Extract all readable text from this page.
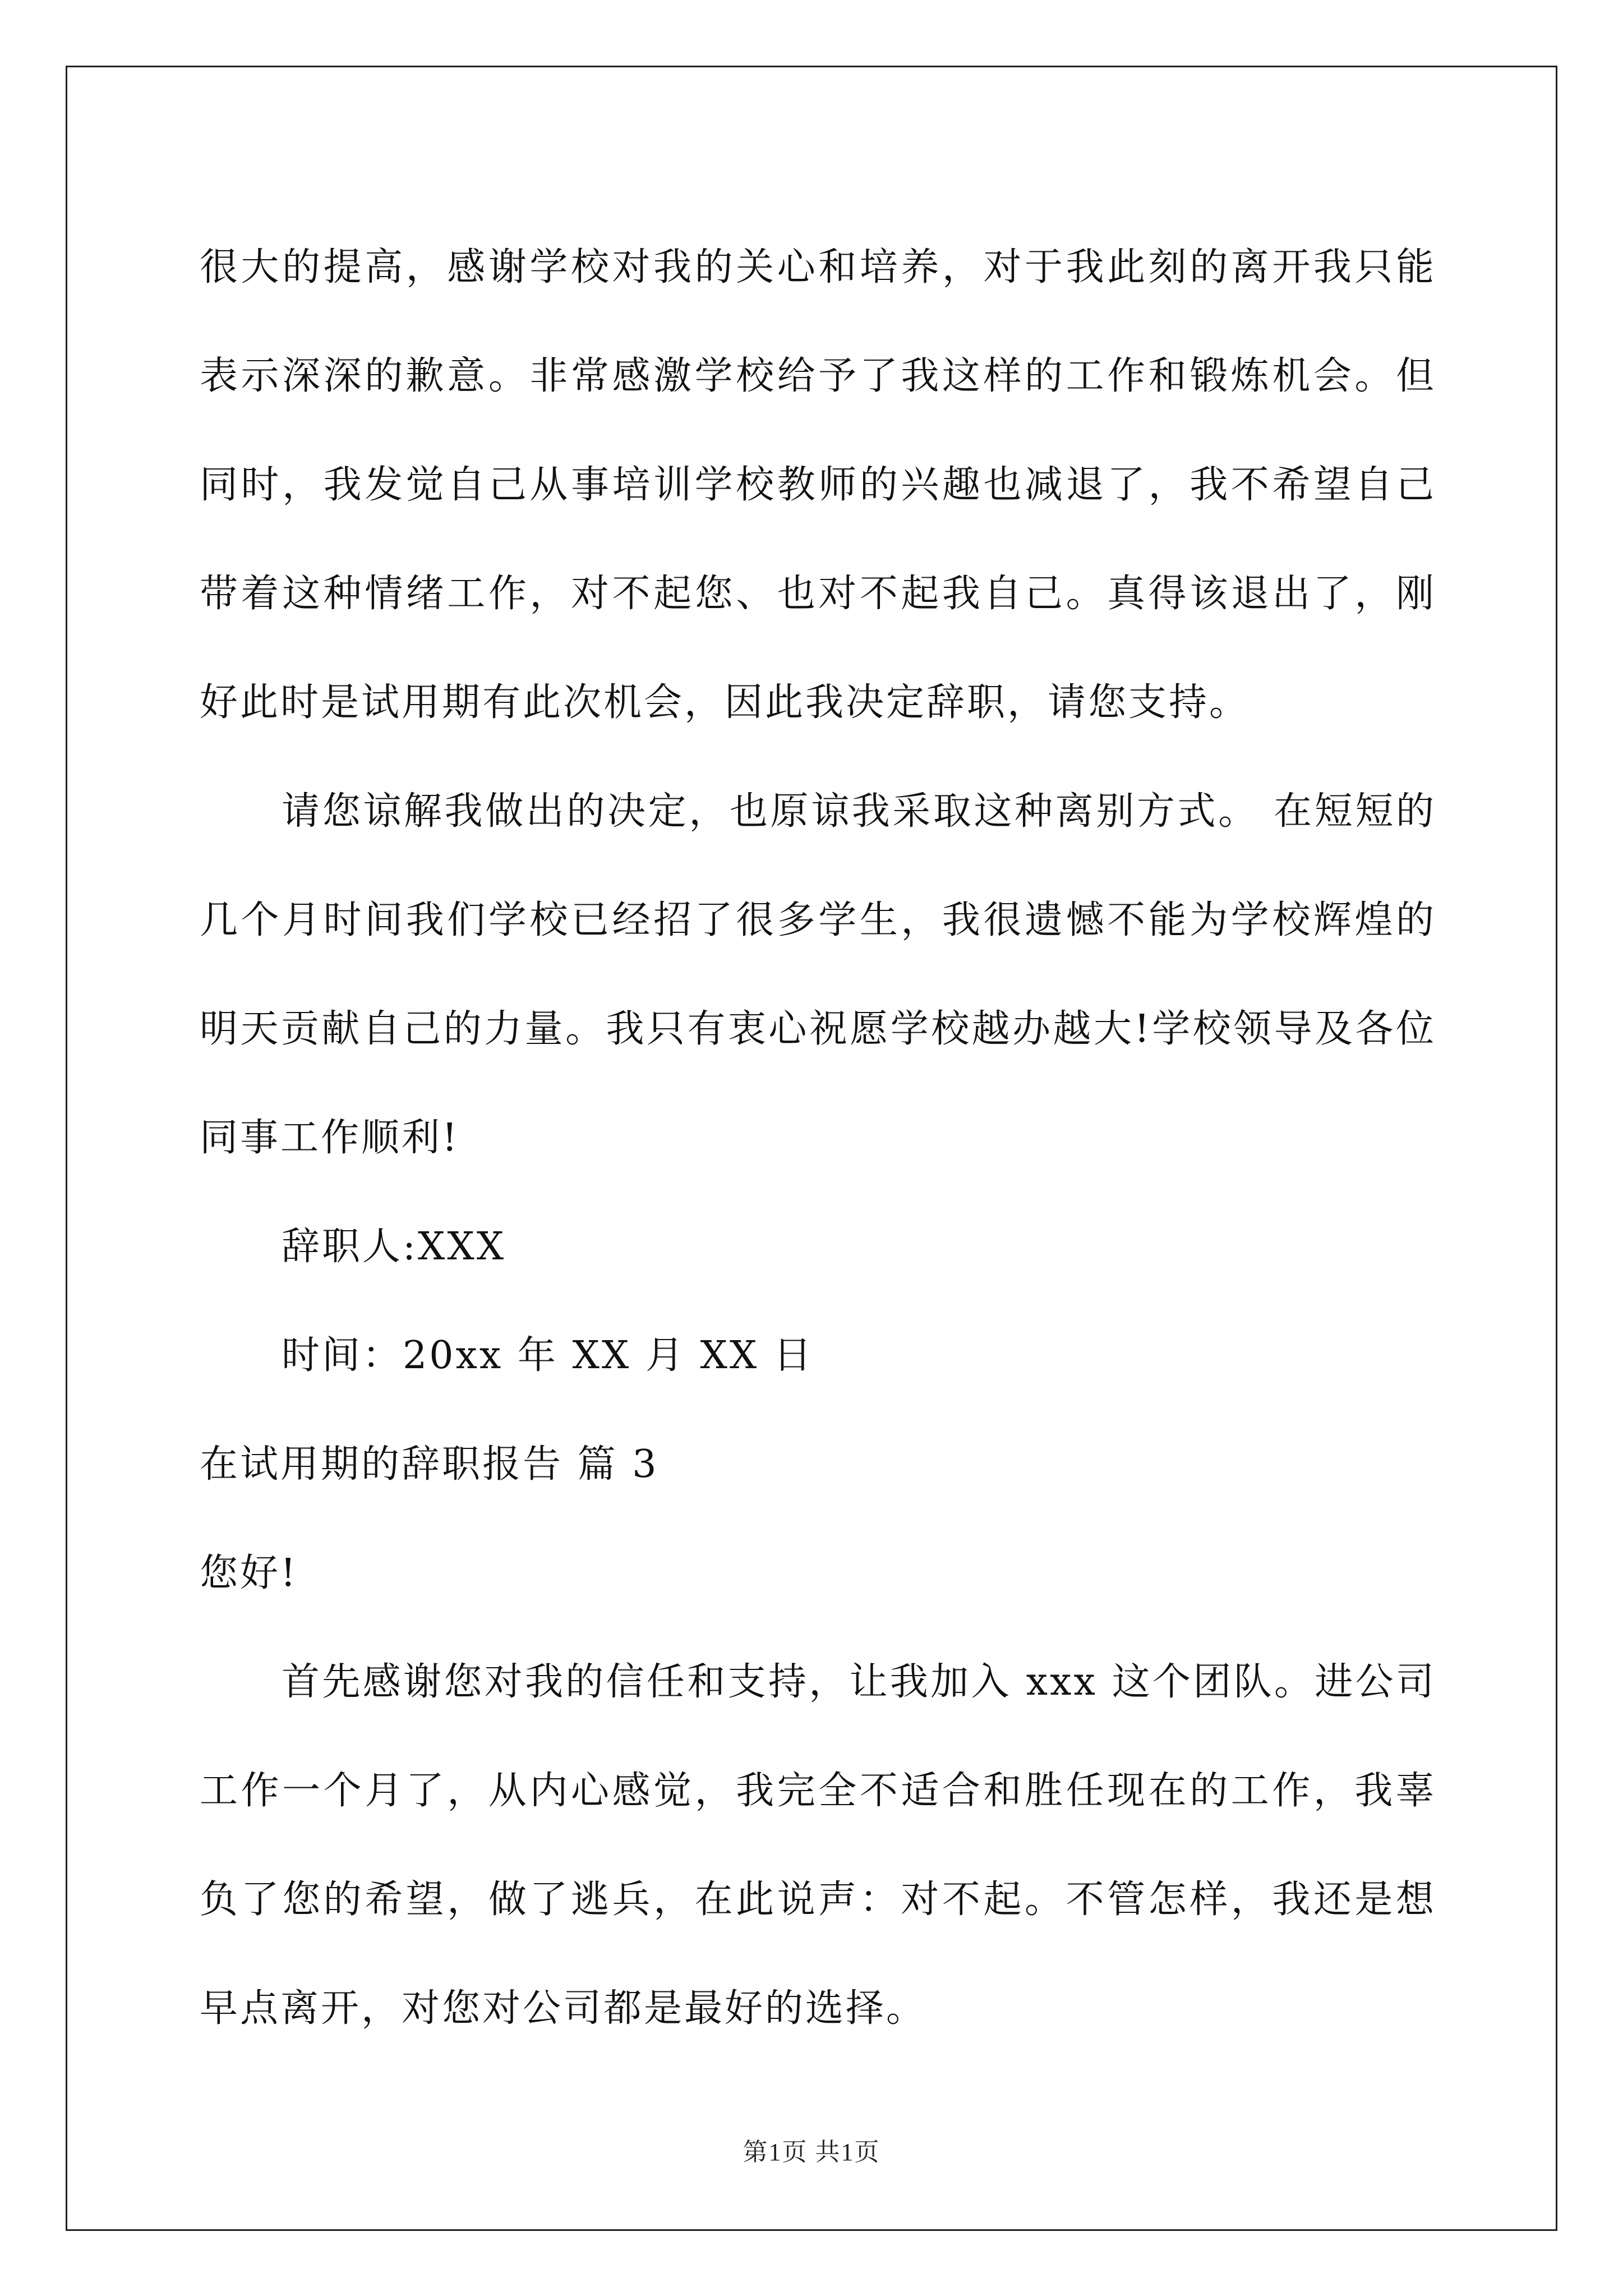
很大的提高，感谢学校对我的关心和培养，对于我此刻的离开我只能
表示深深的歉意。非常感激学校给予了我这样的工作和锻炼机会。但
同时，我发觉自己从事培训学校教师的兴趣也减退了，我不希望自己
带着这种情绪工作，对不起您、也对不起我自己。真得该退出了，刚
好此时是试用期有此次机会，因此我决定辞职，请您支持。
请您谅解我做出的决定，也原谅我采取这种离别方式。 在短短的
几个月时间我们学校已经招了很多学生，我很遗憾不能为学校辉煌的
明天贡献自己的力量。我只有衷心祝愿学校越办越大!学校领导及各位
同事工作顺利!
辞职人:XXX
时间：20xx 年 XX 月 XX 日
在试用期的辞职报告 篇 3
您好!
首先感谢您对我的信任和支持，让我加入 xxx 这个团队。进公司
工作一个月了，从内心感觉，我完全不适合和胜任现在的工作，我辜
负了您的希望，做了逃兵，在此说声：对不起。不管怎样，我还是想
早点离开，对您对公司都是最好的选择。
第1页 共1页
